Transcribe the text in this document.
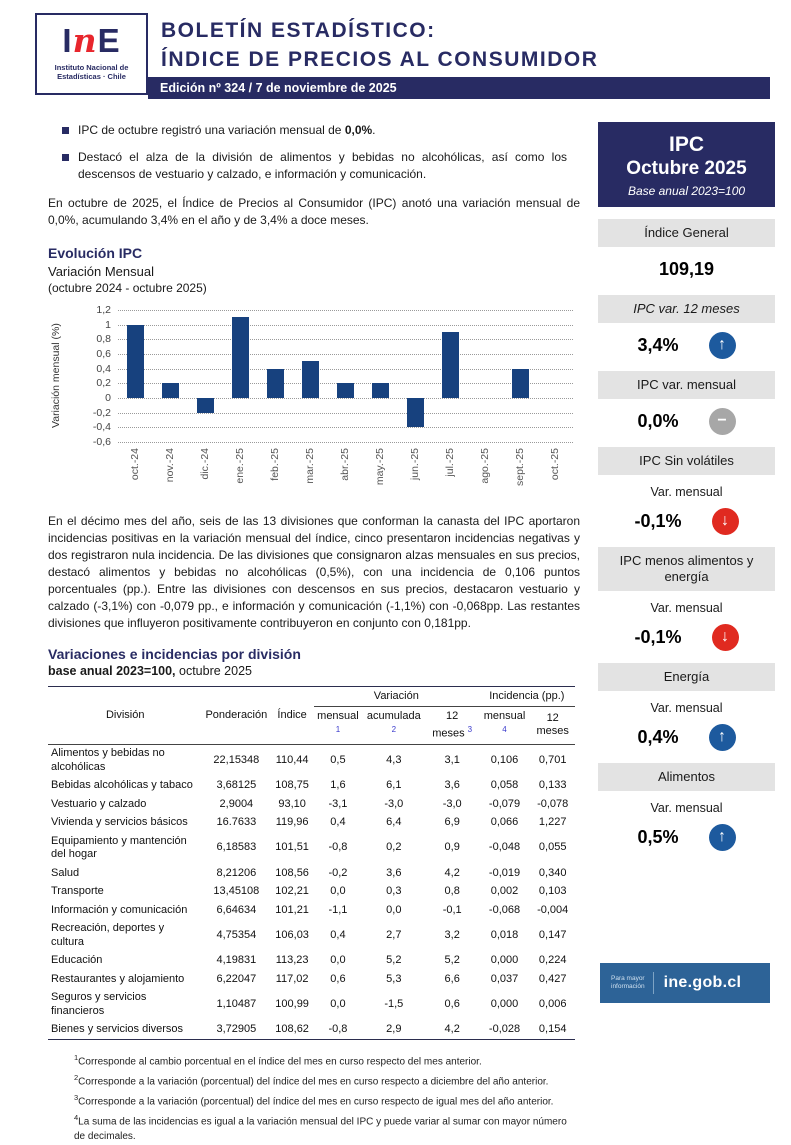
InE
Instituto Nacional de
Estadísticas · Chile
BOLETÍN ESTADÍSTICO:
ÍNDICE DE PRECIOS AL CONSUMIDOR
Edición nº 324 / 7 de noviembre de 2025
IPC de octubre registró una variación mensual de 0,0%.
Destacó el alza de la división de alimentos y bebidas no alcohólicas, así como los descensos de vestuario y calzado, e información y comunicación.
En octubre de 2025, el Índice de Precios al Consumidor (IPC) anotó una variación mensual de 0,0%, acumulando 3,4% en el año y de 3,4% a doce meses.
Evolución IPC
Variación Mensual
(octubre 2024 - octubre 2025)
Variación mensual (%)
1,2
1
0,8
0,6
0,4
0,2
0
-0,2
-0,4
-0,6
oct.-24 nov.-24 dic.-24 ene.-25 feb.-25 mar.-25 abr.-25 may.-25 jun.-25 jul.-25 ago.-25 sept.-25 oct.-25
En el décimo mes del año, seis de las 13 divisiones que conforman la canasta del IPC aportaron incidencias positivas en la variación mensual del índice, cinco presentaron incidencias negativas y dos registraron nula incidencia. De las divisiones que consignaron alzas mensuales en sus precios, destacó alimentos y bebidas no alcohólicas (0,5%), con una incidencia de 0,106 puntos porcentuales (pp.). Entre las divisiones con descensos en sus precios, destacaron vestuario y calzado (-3,1%) con -0,079 pp., e información y comunicación (-1,1%) con -0,068pp. Las restantes divisiones que influyeron positivamente contribuyeron en conjunto con 0,181pp.
Variaciones e incidencias por división
base anual 2023=100, octubre 2025
División	Ponderación	Índice	Variación			Incidencia (pp.)	
			mensual $^1$	acumulada $^2$	12 meses $^3$	mensual $^4$	12 meses
Alimentos y bebidas no alcohólicas	22,15348	110,44	0,5	4,3	3,1	0,106	0,701
Bebidas alcohólicas y tabaco	3,68125	108,75	1,6	6,1	3,6	0,058	0,133
Vestuario y calzado	2,9004	93,10	-3,1	-3,0	-3,0	-0,079	-0,078
Vivienda y servicios básicos	16.7633	119,96	0,4	6,4	6,9	0,066	1,227
Equipamiento y mantención del hogar	6,18583	101,51	-0,8	0,2	0,9	-0,048	0,055
Salud	8,21206	108,56	-0,2	3,6	4,2	-0,019	0,340
Transporte	13,45108	102,21	0,0	0,3	0,8	0,002	0,103
Información y comunicación	6,64634	101,21	-1,1	0,0	-0,1	-0,068	-0,004
Recreación, deportes y cultura	4,75354	106,03	0,4	2,7	3,2	0,018	0,147
Educación	4,19831	113,23	0,0	5,2	5,2	0,000	0,224
Restaurantes y alojamiento	6,22047	117,02	0,6	5,3	6,6	0,037	0,427
Seguros y servicios financieros	1,10487	100,99	0,0	-1,5	0,6	0,000	0,006
Bienes y servicios diversos	3,72905	108,62	-0,8	2,9	4,2	-0,028	0,154
$^1$Corresponde al cambio porcentual en el índice del mes en curso respecto del mes anterior.
$^2$Corresponde a la variación (porcentual) del índice del mes en curso respecto a diciembre del año anterior.
$^3$Corresponde a la variación (porcentual) del índice del mes en curso respecto de igual mes del año anterior.
$^4$La suma de las incidencias es igual a la variación mensual del IPC y puede variar al sumar con mayor número de decimales.
IPC
Octubre 2025
Base anual 2023=100
Índice General
109,19
IPC var. 12 meses
3,4%	↑
IPC var. mensual
0,0%	−
IPC Sin volátiles
Var. mensual
-0,1%	↓
IPC menos alimentos y energía
Var. mensual
-0,1%	↓
Energía
Var. mensual
0,4%	↑
Alimentos
Var. mensual
0,5%	↑
Para mayor
información	ine.gob.cl
